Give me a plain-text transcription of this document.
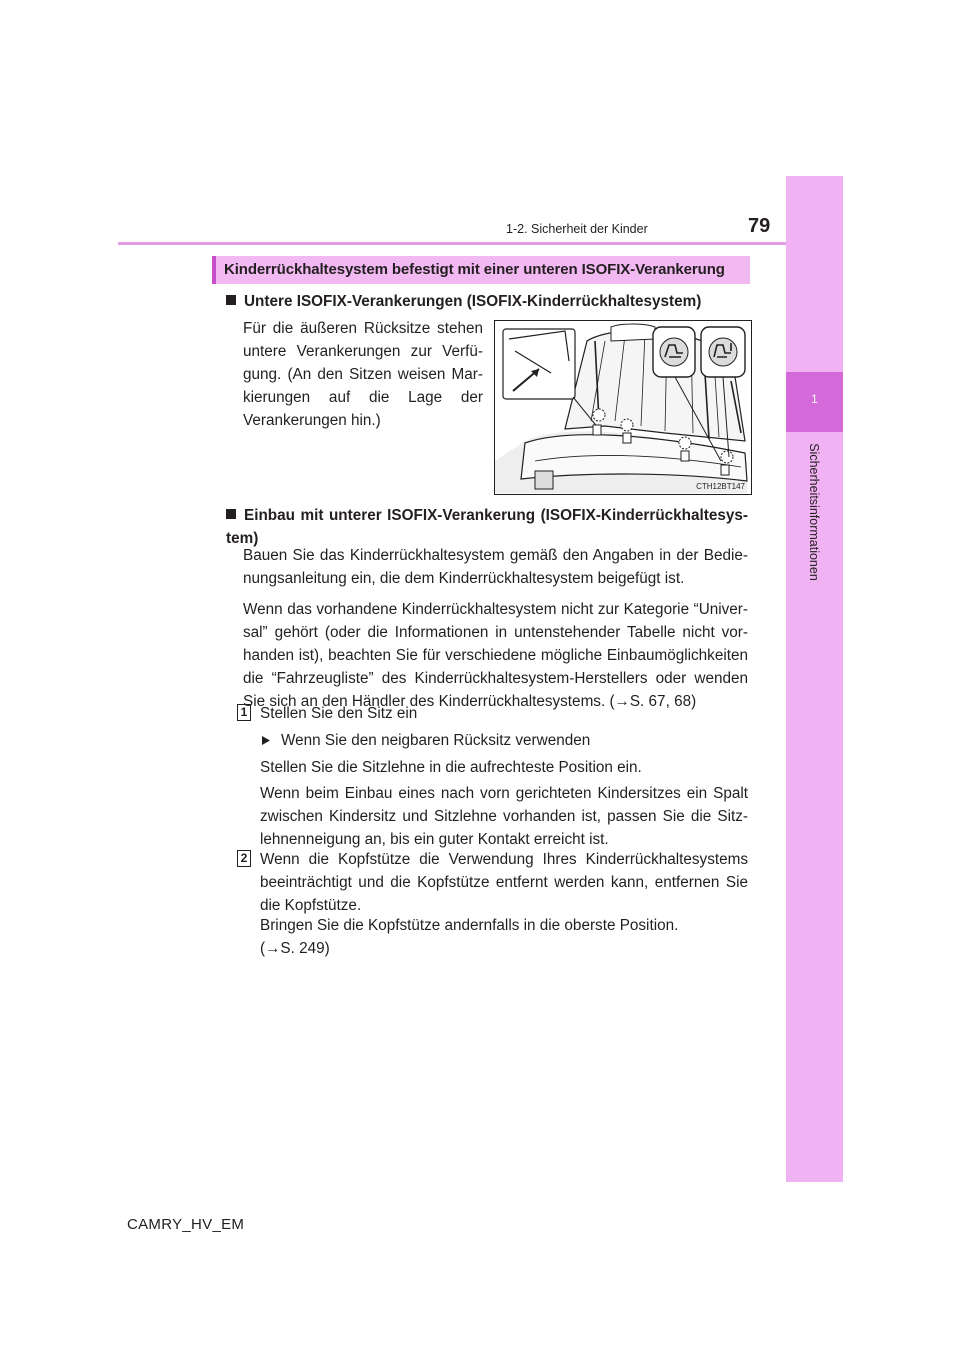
1
Sicherheitsinformationen
1-2. Sicherheit der Kinder	79
Kinderrückhaltesystem befestigt mit einer unteren ISOFIX-Verankerung
Untere ISOFIX-Verankerungen (ISOFIX-Kinderrückhaltesystem)
Für die äußeren Rücksitze stehen untere Verankerungen zur Verfü-gung. (An den Sitzen weisen Mar-kierungen auf die Lage der Verankerungen hin.)
CTH12BT147
Einbau mit unterer ISOFIX-Verankerung (ISOFIX-Kinderrückhaltesys-tem)
Bauen Sie das Kinderrückhaltesystem gemäß den Angaben in der Bedie-nungsanleitung ein, die dem Kinderrückhaltesystem beigefügt ist.
Wenn das vorhandene Kinderrückhaltesystem nicht zur Kategorie “Univer-sal” gehört (oder die Informationen in untenstehender Tabelle nicht vor-handen ist), beachten Sie für verschiedene mögliche Einbaumöglichkeiten die “Fahrzeugliste” des Kinderrückhaltesystem-Herstellers oder wenden Sie sich an den Händler des Kinderrückhaltesystems. (→S. 67, 68)
1 Stellen Sie den Sitz ein
Wenn Sie den neigbaren Rücksitz verwenden
Stellen Sie die Sitzlehne in die aufrechteste Position ein.
Wenn beim Einbau eines nach vorn gerichteten Kindersitzes ein Spalt zwischen Kindersitz und Sitzlehne vorhanden ist, passen Sie die Sitz-lehnenneigung an, bis ein guter Kontakt erreicht ist.
2 Wenn die Kopfstütze die Verwendung Ihres Kinderrückhaltesystems beeinträchtigt und die Kopfstütze entfernt werden kann, entfernen Sie die Kopfstütze.
Bringen Sie die Kopfstütze andernfalls in die oberste Position.
(→S. 249)
CAMRY_HV_EM
